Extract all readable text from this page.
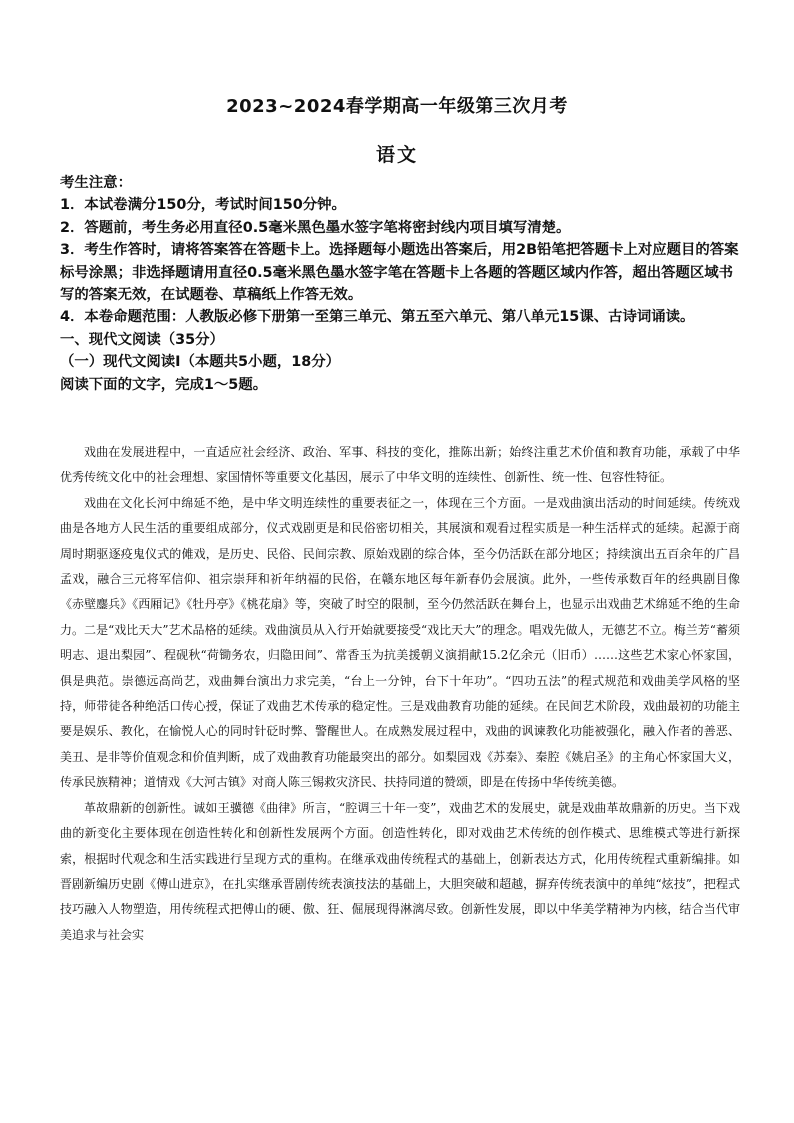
2023~2024春学期高一年级第三次月考
语文

考生注意：

1．本试卷满分150分，考试时间150分钟。

2．答题前，考生务必用直径0.5毫米黑色墨水签字笔将密封线内项目填写清楚。

3．考生作答时，请将答案答在答题卡上。选择题每小题选出答案后，用2B铅笔把答题卡上对应题目的答案标号涂黑；非选择题请用直径0.5毫米黑色墨水签字笔在答题卡上各题的答题区域内作答，超出答题区域书写的答案无效，在试题卷、草稿纸上作答无效。

4．本卷命题范围：人教版必修下册第一至第三单元、第五至六单元、第八单元15课、古诗词诵读。

一、现代文阅读（35分）

（一）现代文阅读Ⅰ（本题共5小题，18分）

阅读下面的文字，完成1～5题。

戏曲在发展进程中，一直适应社会经济、政治、军事、科技的变化，推陈出新；始终注重艺术价值和教育功能，承载了中华优秀传统文化中的社会理想、家国情怀等重要文化基因，展示了中华文明的连续性、创新性、统一性、包容性特征。

戏曲在文化长河中绵延不绝，是中华文明连续性的重要表征之一，体现在三个方面。一是戏曲演出活动的时间延续。传统戏曲是各地方人民生活的重要组成部分，仪式戏剧更是和民俗密切相关，其展演和观看过程实质是一种生活样式的延续。起源于商周时期驱逐疫鬼仪式的傩戏，是历史、民俗、民间宗教、原始戏剧的综合体，至今仍活跃在部分地区；持续演出五百余年的广昌孟戏，融合三元将军信仰、祖宗崇拜和祈年纳福的民俗，在赣东地区每年新春仍会展演。此外，一些传承数百年的经典剧目像《赤壁鏖兵》《西厢记》《牡丹亭》《桃花扇》等，突破了时空的限制，至今仍然活跃在舞台上，也显示出戏曲艺术绵延不绝的生命力。二是“戏比天大”艺术品格的延续。戏曲演员从入行开始就要接受“戏比天大”的理念。唱戏先做人，无德艺不立。梅兰芳“蓄须明志、退出梨园”、程砚秋“荷锄务农，归隐田间”、常香玉为抗美援朝义演捐献15.2亿余元（旧币）……这些艺术家心怀家国，俱是典范。崇德远高尚艺，戏曲舞台演出力求完美，“台上一分钟，台下十年功”。“四功五法”的程式规范和戏曲美学风格的坚持，师带徒各种绝活口传心授，保证了戏曲艺术传承的稳定性。三是戏曲教育功能的延续。在民间艺术阶段，戏曲最初的功能主要是娱乐、教化，在愉悦人心的同时针砭时弊、警醒世人。在成熟发展过程中，戏曲的讽谏教化功能被强化，融入作者的善恶、美丑、是非等价值观念和价值判断，成了戏曲教育功能最突出的部分。如梨园戏《苏秦》、秦腔《姚启圣》的主角心怀家国大义，传承民族精神；道情戏《大河古镇》对商人陈三锡救灾济民、扶持同道的赞颂，即是在传扬中华传统美德。

革故鼎新的创新性。诚如王骥德《曲律》所言，“腔调三十年一变”，戏曲艺术的发展史，就是戏曲革故鼎新的历史。当下戏曲的新变化主要体现在创造性转化和创新性发展两个方面。创造性转化，即对戏曲艺术传统的创作模式、思维模式等进行新探索，根据时代观念和生活实践进行呈现方式的重构。在继承戏曲传统程式的基础上，创新表达方式，化用传统程式重新编排。如晋剧新编历史剧《傅山进京》，在扎实继承晋剧传统表演技法的基础上，大胆突破和超越，摒弃传统表演中的单纯“炫技”，把程式技巧融入人物塑造，用传统程式把傅山的硬、傲、狂、倔展现得淋漓尽致。创新性发展，即以中华美学精神为内核，结合当代审美追求与社会实
